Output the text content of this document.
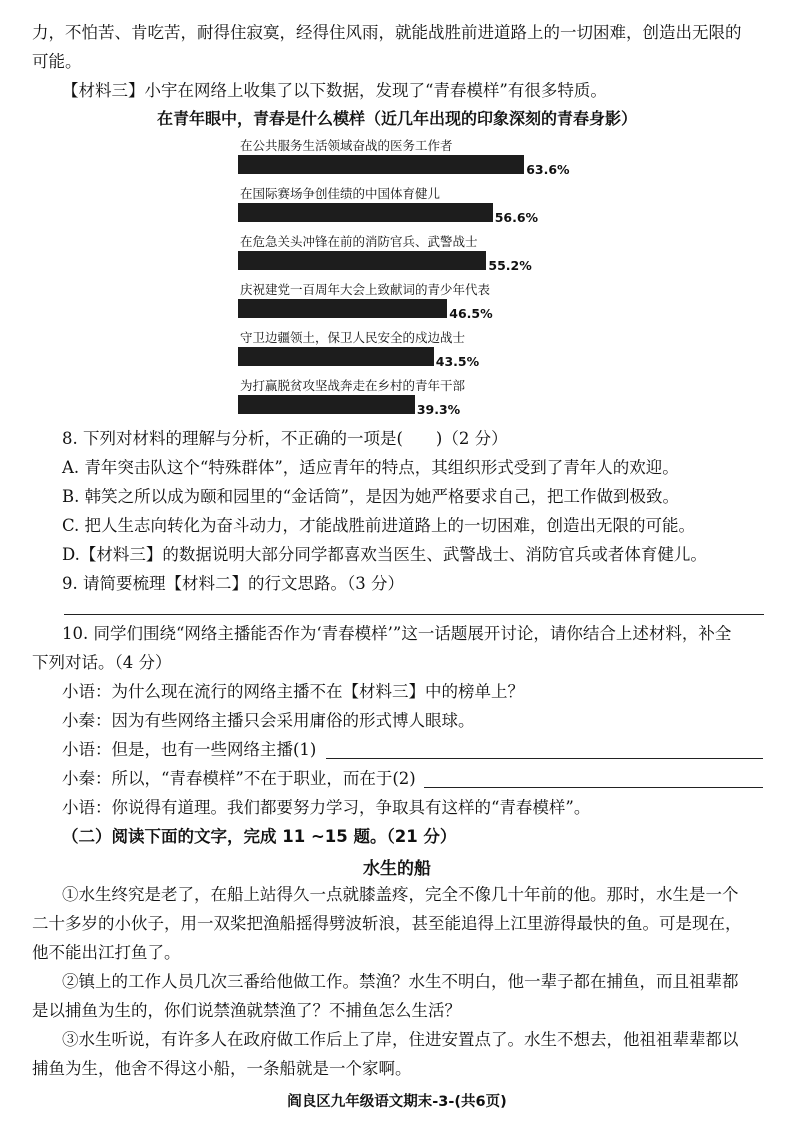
力，不怕苦、肯吃苦，耐得住寂寞，经得住风雨，就能战胜前进道路上的一切困难，创造出无限的
可能。
【材料三】小宇在网络上收集了以下数据，发现了“青春模样”有很多特质。
在青年眼中，青春是什么模样（近几年出现的印象深刻的青春身影）
在公共服务生活领域奋战的医务工作者
63.6%
在国际赛场争创佳绩的中国体育健儿
56.6%
在危急关头冲锋在前的消防官兵、武警战士
55.2%
庆祝建党一百周年大会上致献词的青少年代表
46.5%
守卫边疆领土，保卫人民安全的戍边战士
43.5%
为打赢脱贫攻坚战奔走在乡村的青年干部
39.3%
8. 下列对材料的理解与分析，不正确的一项是(　　)（2 分）
A. 青年突击队这个“特殊群体”，适应青年的特点，其组织形式受到了青年人的欢迎。
B. 韩笑之所以成为颐和园里的“金话筒”，是因为她严格要求自己，把工作做到极致。
C. 把人生志向转化为奋斗动力，才能战胜前进道路上的一切困难，创造出无限的可能。
D.【材料三】的数据说明大部分同学都喜欢当医生、武警战士、消防官兵或者体育健儿。
9. 请简要梳理【材料二】的行文思路。（3 分）
10. 同学们围绕“网络主播能否作为‘青春模样’”这一话题展开讨论，请你结合上述材料，补全
下列对话。（4 分）
小语：为什么现在流行的网络主播不在【材料三】中的榜单上？
小秦：因为有些网络主播只会采用庸俗的形式博人眼球。
小语：但是，也有一些网络主播(1)
小秦：所以，“青春模样”不在于职业，而在于(2)
小语：你说得有道理。我们都要努力学习，争取具有这样的“青春模样”。
（二）阅读下面的文字，完成 11 ~15 题。（21 分）
水生的船
①水生终究是老了，在船上站得久一点就膝盖疼，完全不像几十年前的他。那时，水生是一个
二十多岁的小伙子，用一双桨把渔船摇得劈波斩浪，甚至能追得上江里游得最快的鱼。可是现在，
他不能出江打鱼了。
②镇上的工作人员几次三番给他做工作。禁渔？水生不明白，他一辈子都在捕鱼，而且祖辈都
是以捕鱼为生的，你们说禁渔就禁渔了？不捕鱼怎么生活？
③水生听说，有许多人在政府做工作后上了岸，住进安置点了。水生不想去，他祖祖辈辈都以
捕鱼为生，他舍不得这小船，一条船就是一个家啊。
阎良区九年级语文期末-3-(共6页)
